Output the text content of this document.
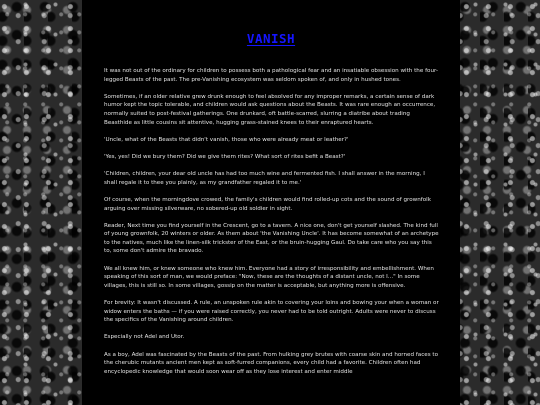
VANISH

It was not out of the ordinary for children to possess both a pathological fear and an insatiable obsession with the four-legged Beasts of the past. The pre-Vanishing ecosystem was seldom spoken of, and only in hushed tones.

Sometimes, if an older relative grew drunk enough to feel absolved for any improper remarks, a certain sense of dark humor kept the topic tolerable, and children would ask questions about the Beasts. It was rare enough an occurrence, normally suited to post-festival gatherings. One drunkard, oft battle-scarred, slurring a diatribe about trading Beasthide as little cousins sit attentive, hugging grass-stained knees to their enraptured hearts.

'Uncle, what of the Beasts that didn't vanish, those who were already meat or leather?'

'Yes, yes! Did we bury them? Did we give them rites? What sort of rites befit a Beast?'

'Children, children, your dear old uncle has had too much wine and fermented fish. I shall answer in the morning, I shall regale it to thee you plainly, as my grandfather regaled it to me.'

Of course, when the morningdove crowed, the family's children would find rolled-up cots and the sound of grownfolk arguing over missing silverware, no sobered-up old soldier in sight.

Reader, Next time you find yourself in the Crescent, go to a tavern. A nice one, don't get yourself slashed. The kind full of young grownfolk, 20 winters or older. As them about 'the Vanishing Uncle'. It has become somewhat of an archetype to the natives, much like the linen-silk trickster of the East, or the bruin-hugging Gaul. Do take care who you say this to, some don't admire the bravado.

We all knew him, or knew someone who knew him. Everyone had a story of irresponsibility and embellishment. When speaking of this sort of man, we would preface: "Now, these are the thoughts of a distant uncle, not I..." In some villages, this is still so. In some villages, gossip on the matter is acceptable, but anything more is offensive.

For brevity: It wasn't discussed. A rule, an unspoken rule akin to covering your loins and bowing your when a woman or widow enters the baths — if you were raised correctly, you never had to be told outright. Adults were never to discuss the specifics of the Vanishing around children.

Especially not Adel and Utor.

As a boy, Adel was fascinated by the Beasts of the past. From hulking grey brutes with coarse skin and horned faces to the cherubic mutants ancient men kept as soft-furred companions, every child had a favorite. Children often had encyclopedic knowledge that would soon wear off as they lose interest and enter middle
